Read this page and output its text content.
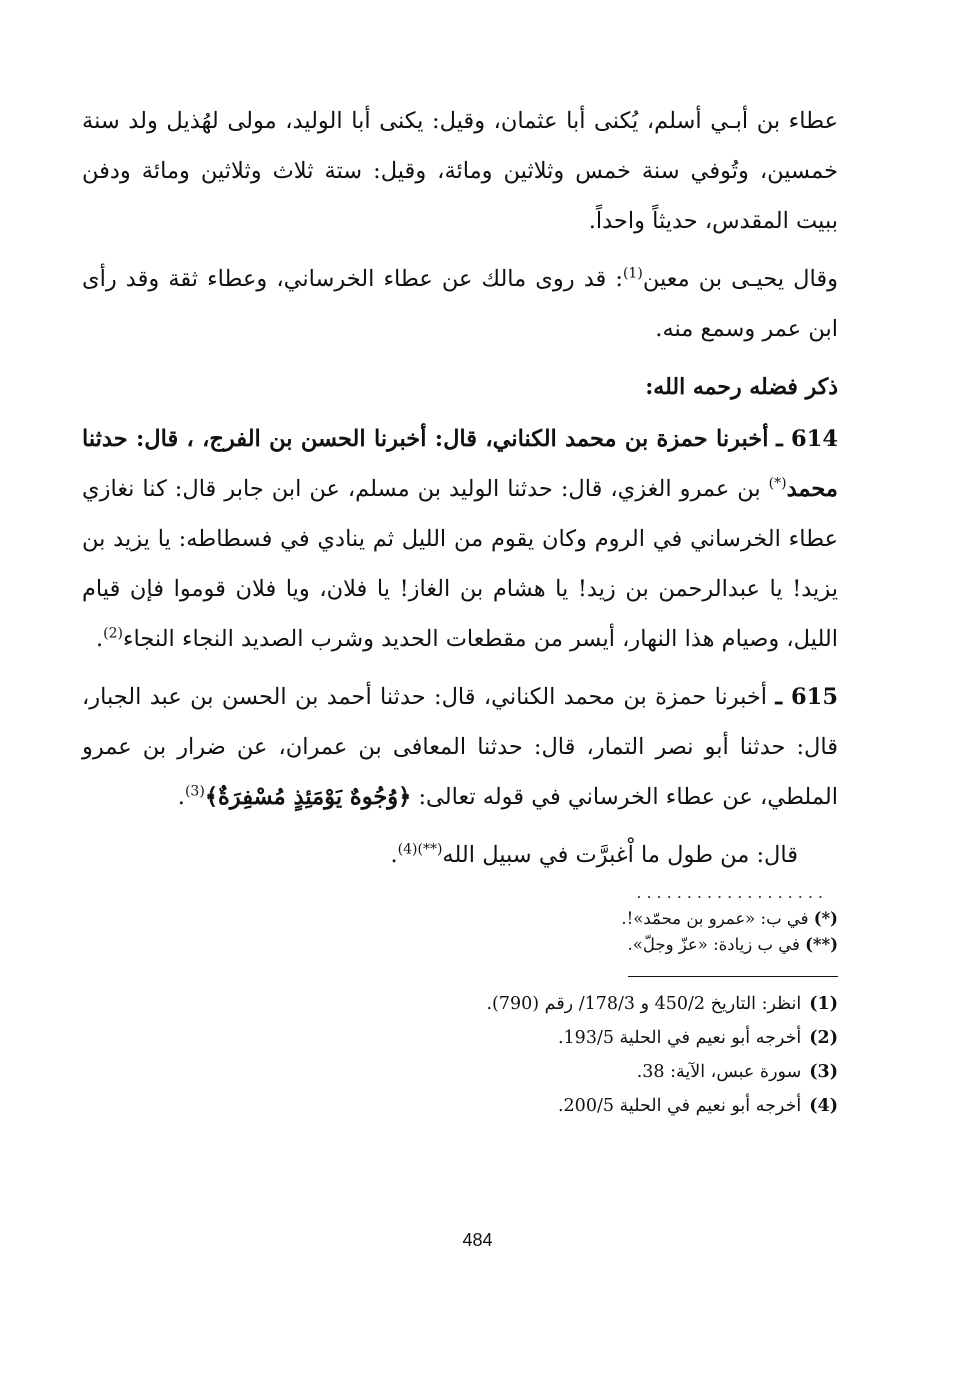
عطاء بن أبـي أسلم، يُكنى أبا عثمان، وقيل: يكنى أبا الوليد، مولى لهُذيل ولد سنة خمسين، وتُوفي سنة خمس وثلاثين ومائة، وقيل: ستة ثلاث وثلاثين ومائة ودفن ببيت المقدس، حديثاً واحداً.

وقال يحيـى بن معين$^{(1)}$: قد روى مالك عن عطاء الخرساني، وعطاء ثقة وقد رأى ابن عمر وسمع منه.

ذكر فضله رحمه الله:

614 ـ أخبرنا حمزة بن محمد الكناني، قال: أخبرنا الحسن بن الفرج، ، قال: حدثنا محمد(*) بن عمرو الغزي، قال: حدثنا الوليد بن مسلم، عن ابن جابر قال: كنا نغازي عطاء الخرساني في الروم وكان يقوم من الليل ثم ينادي في فسطاطه: يا يزيد بن يزيد! يا عبدالرحمن بن زيد! يا هشام بن الغاز! يا فلان، ويا فلان قوموا فإن قيام الليل، وصيام هذا النهار، أيسر من مقطعات الحديد وشرب الصديد النجاء النجاء$^{(2)}$.

615 ـ أخبرنا حمزة بن محمد الكناني، قال: حدثنا أحمد بن الحسن بن عبد الجبار، قال: حدثنا أبو نصر التمار، قال: حدثنا المعافى بن عمران، عن ضرار بن عمرو الملطي، عن عطاء الخرساني في قوله تعالى: ﴿وُجُوهٌ يَوْمَئِذٍ مُسْفِرَةٌ﴾$^{(3)}$.

قال: من طول ما اْغبرَّت في سبيل الله$^{(**)(4)}$.

...................

(*) في ب: «عمرو بن محمّد»!.

(**) في ب زيادة: «عزّ وجلّ».

(1)انظر: التاريخ 450/2 و 178/3/ رقم (790).

(2)أخرجه أبو نعيم في الحلية 193/5.

(3)سورة عبس، الآية: 38.

(4)أخرجه أبو نعيم في الحلية 200/5.

484
